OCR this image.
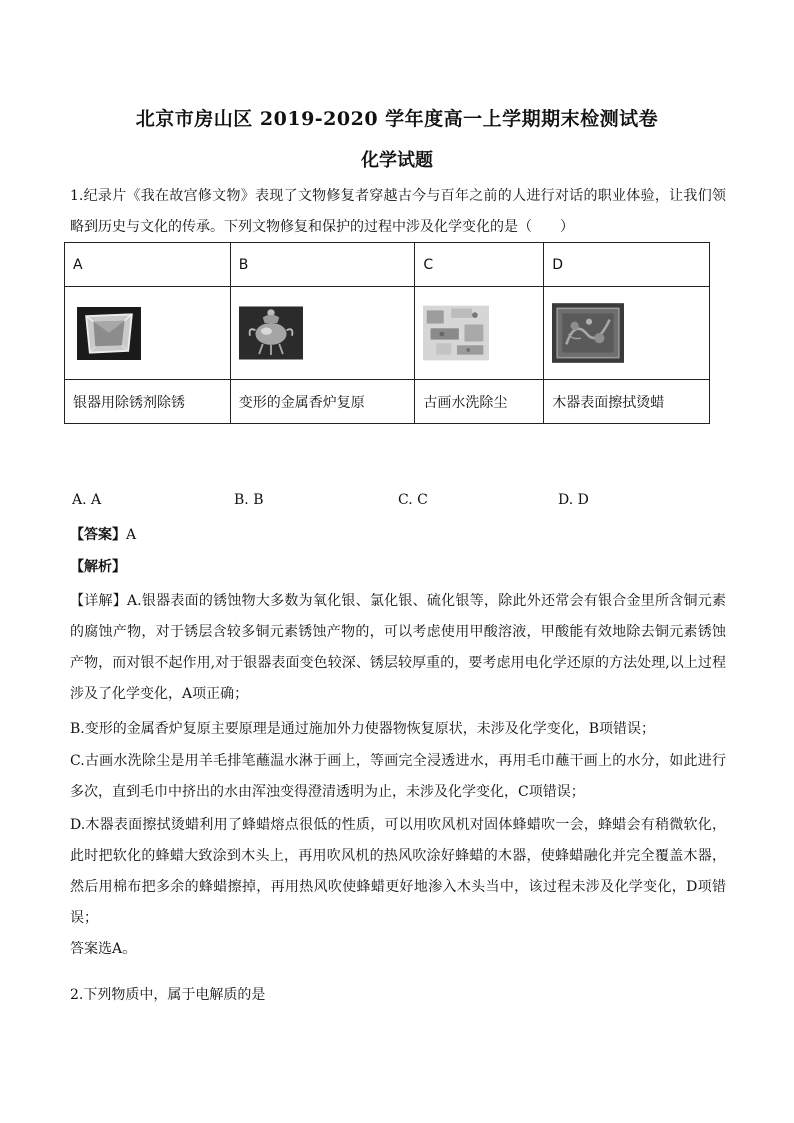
北京市房山区 2019-2020 学年度高一上学期期末检测试卷
化学试题
1.纪录片《我在故宫修文物》表现了文物修复者穿越古今与百年之前的人进行对话的职业体验，让我们领略到历史与文化的传承。下列文物修复和保护的过程中涉及化学变化的是（　　）
A	B	C	D

银器用除锈剂除锈	变形的金属香炉复原	古画水洗除尘	木器表面擦拭烫蜡
A. A	B. B	C. C	D. D
【答案】A
【解析】
【详解】A.银器表面的锈蚀物大多数为氧化银、氯化银、硫化银等，除此外还常会有银合金里所含铜元素的腐蚀产物，对于锈层含较多铜元素锈蚀产物的，可以考虑使用甲酸溶液，甲酸能有效地除去铜元素锈蚀产物，而对银不起作用,对于银器表面变色较深、锈层较厚重的，要考虑用电化学还原的方法处理,以上过程涉及了化学变化，A项正确；
B.变形的金属香炉复原主要原理是通过施加外力使器物恢复原状，未涉及化学变化，B项错误；
C.古画水洗除尘是用羊毛排笔蘸温水淋于画上，等画完全浸透进水，再用毛巾蘸干画上的水分，如此进行多次，直到毛巾中挤出的水由浑浊变得澄清透明为止，未涉及化学变化，C项错误；
D.木器表面擦拭烫蜡利用了蜂蜡熔点很低的性质，可以用吹风机对固体蜂蜡吹一会，蜂蜡会有稍微软化，此时把软化的蜂蜡大致涂到木头上，再用吹风机的热风吹涂好蜂蜡的木器，使蜂蜡融化并完全覆盖木器，然后用棉布把多余的蜂蜡擦掉，再用热风吹使蜂蜡更好地渗入木头当中，该过程未涉及化学变化，D项错误；
答案选A。
2.下列物质中，属于电解质的是
